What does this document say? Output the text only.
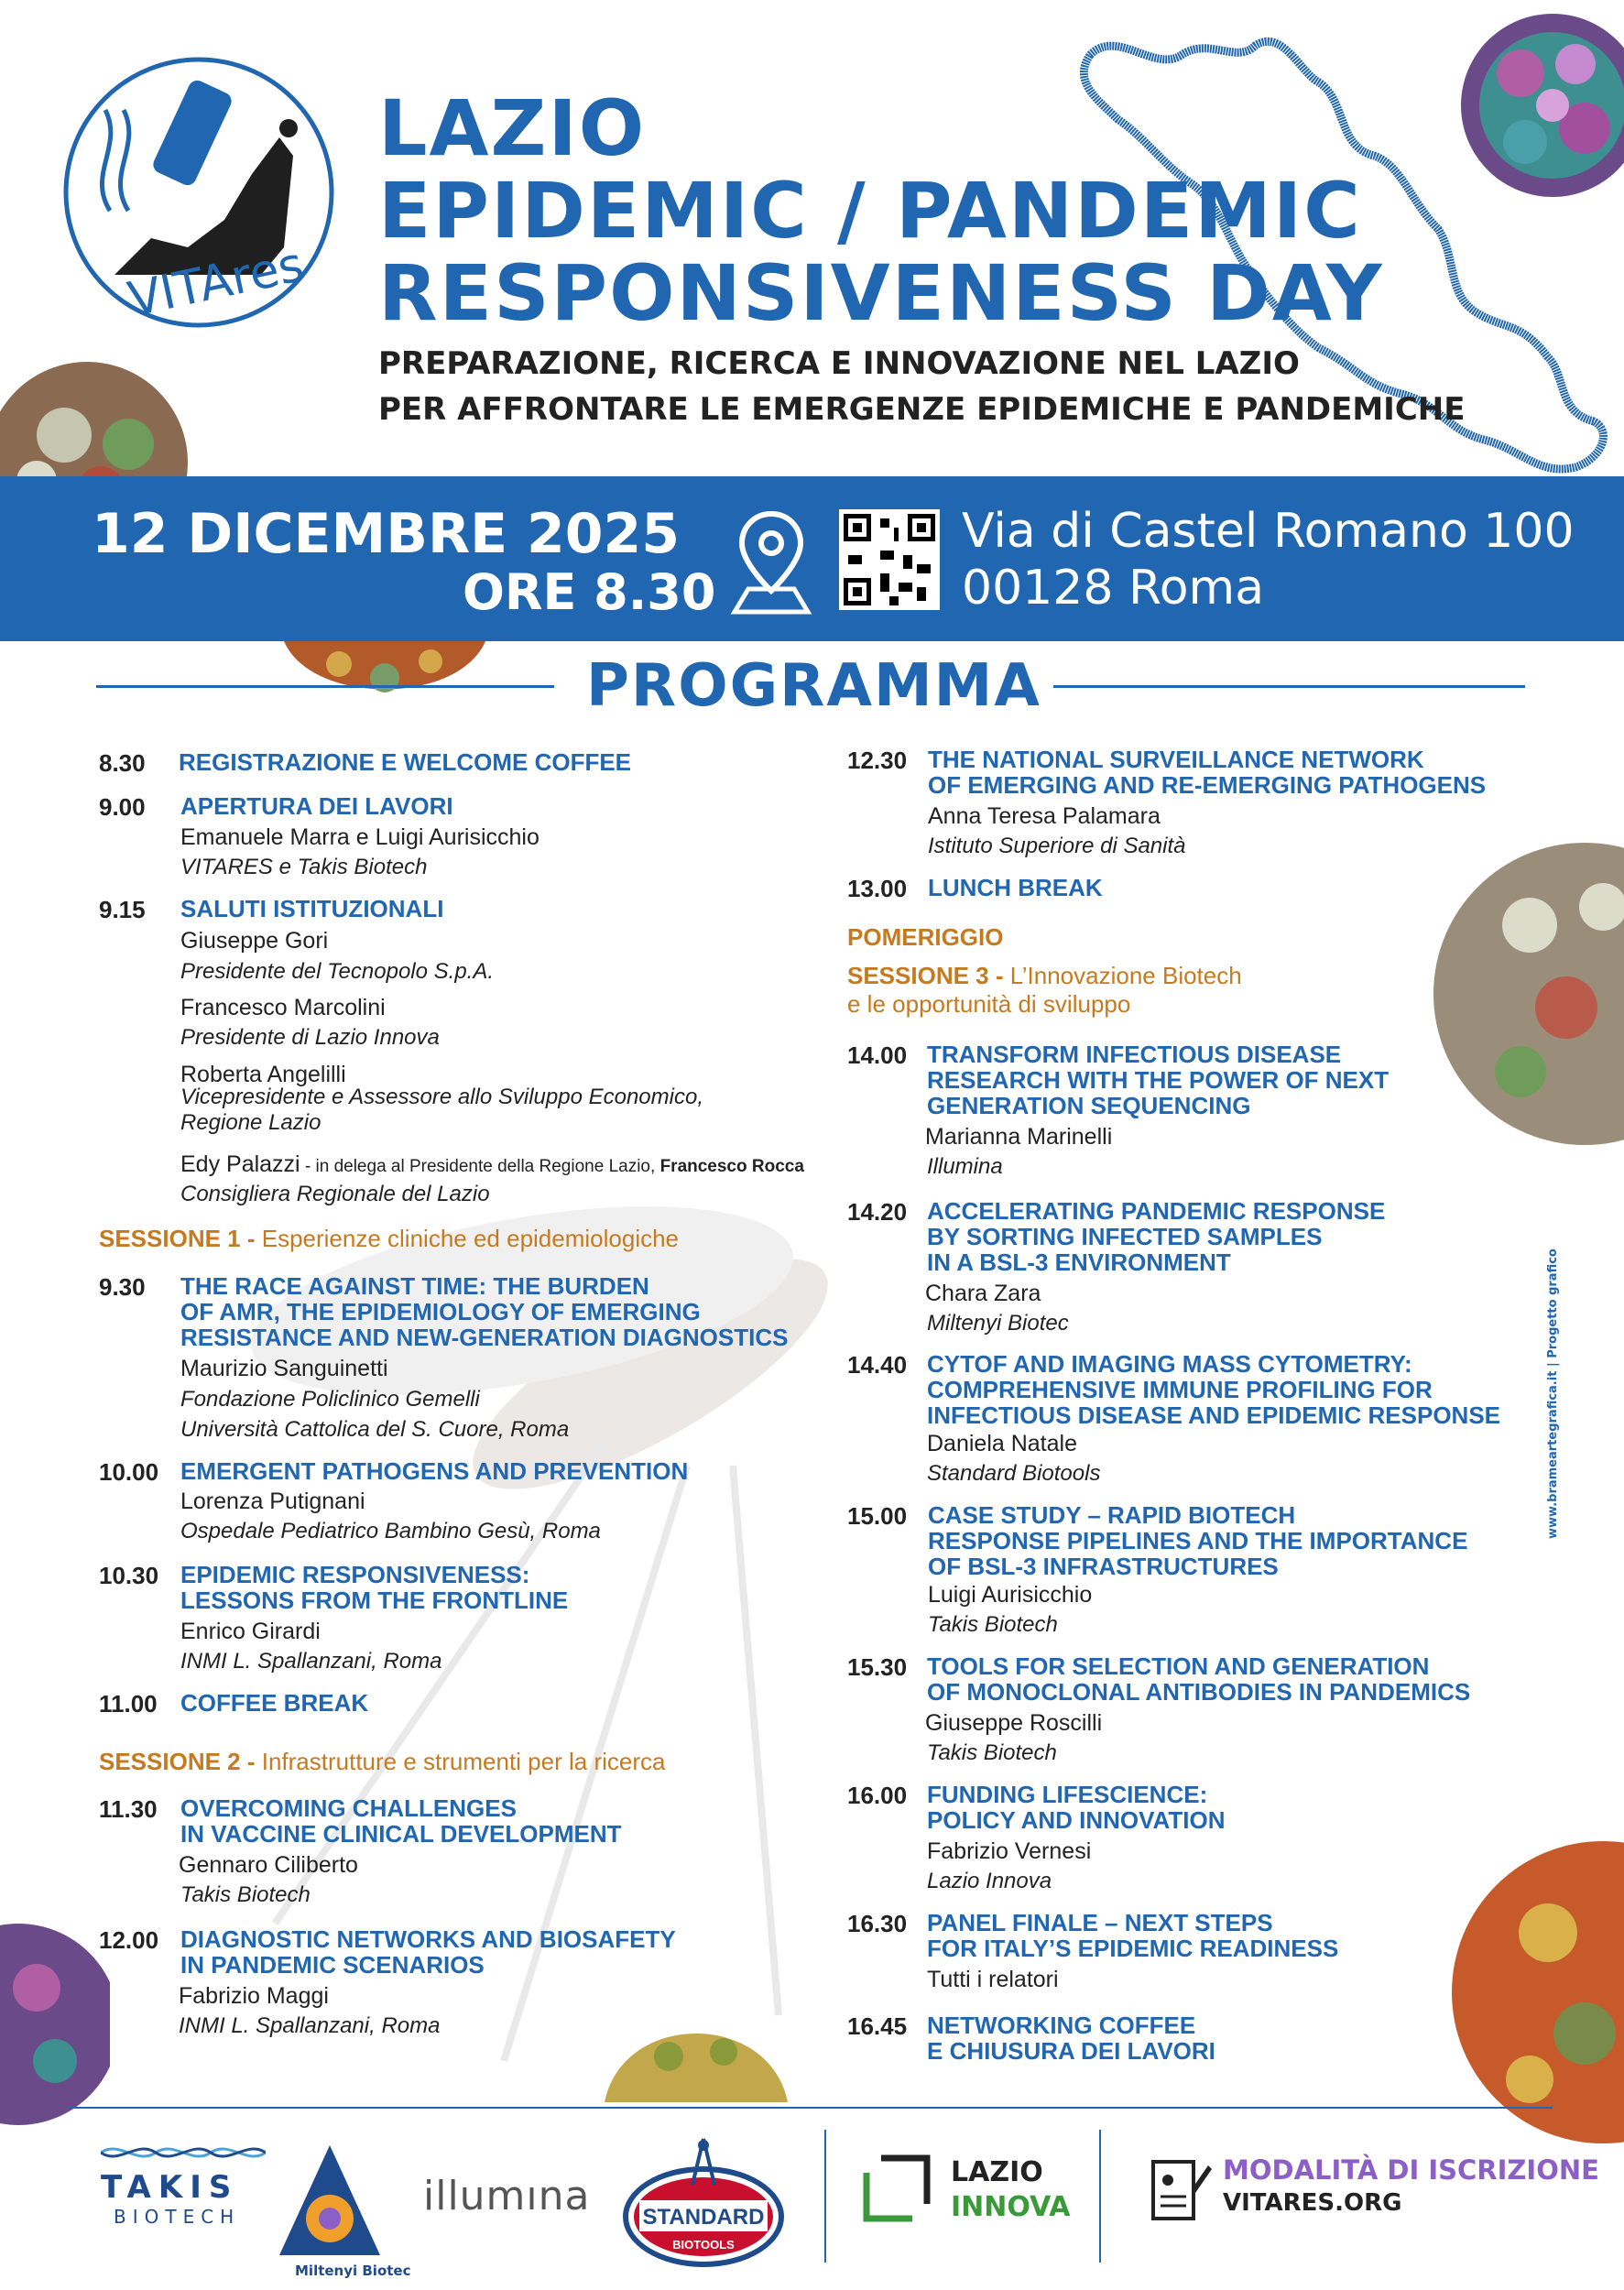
VITAres
LAZIO
EPIDEMIC / PANDEMIC
RESPONSIVENESS DAY
PREPARAZIONE, RICERCA E INNOVAZIONE NEL LAZIO
PER AFFRONTARE LE EMERGENZE EPIDEMICHE E PANDEMICHE
12 DICEMBRE 2025
ORE 8.30
Via di Castel Romano 100
00128 Roma
PROGRAMMA
8.30 REGISTRAZIONE E WELCOME COFFEE
9.00 APERTURA DEI LAVORI
Emanuele Marra e Luigi Aurisicchio
VITARES e Takis Biotech
9.15 SALUTI ISTITUZIONALI
Giuseppe Gori
Presidente del Tecnopolo S.p.A.
Francesco Marcolini
Presidente di Lazio Innova
Roberta Angelilli
Vicepresidente e Assessore allo Sviluppo Economico,
Regione Lazio
Edy Palazzi - in delega al Presidente della Regione Lazio, Francesco Rocca
Consigliera Regionale del Lazio
SESSIONE 1 - Esperienze cliniche ed epidemiologiche
9.30 THE RACE AGAINST TIME: THE BURDEN
OF AMR, THE EPIDEMIOLOGY OF EMERGING
RESISTANCE AND NEW-GENERATION DIAGNOSTICS
Maurizio Sanguinetti
Fondazione Policlinico Gemelli
Università Cattolica del S. Cuore, Roma
10.00 EMERGENT PATHOGENS AND PREVENTION
Lorenza Putignani
Ospedale Pediatrico Bambino Gesù, Roma
10.30 EPIDEMIC RESPONSIVENESS:
LESSONS FROM THE FRONTLINE
Enrico Girardi
INMI L. Spallanzani, Roma
11.00 COFFEE BREAK
SESSIONE 2 - Infrastrutture e strumenti per la ricerca
11.30 OVERCOMING CHALLENGES
IN VACCINE CLINICAL DEVELOPMENT
Gennaro Ciliberto
Takis Biotech
12.00 DIAGNOSTIC NETWORKS AND BIOSAFETY
IN PANDEMIC SCENARIOS
Fabrizio Maggi
INMI L. Spallanzani, Roma
12.30 THE NATIONAL SURVEILLANCE NETWORK
OF EMERGING AND RE-EMERGING PATHOGENS
Anna Teresa Palamara
Istituto Superiore di Sanità
13.00 LUNCH BREAK
POMERIGGIO
SESSIONE 3 - L’Innovazione Biotech
e le opportunità di sviluppo
14.00 TRANSFORM INFECTIOUS DISEASE
RESEARCH WITH THE POWER OF NEXT
GENERATION SEQUENCING
Marianna Marinelli
Illumina
14.20 ACCELERATING PANDEMIC RESPONSE
BY SORTING INFECTED SAMPLES
IN A BSL-3 ENVIRONMENT
Chara Zara
Miltenyi Biotec
14.40 CYTOF AND IMAGING MASS CYTOMETRY:
COMPREHENSIVE IMMUNE PROFILING FOR
INFECTIOUS DISEASE AND EPIDEMIC RESPONSE
Daniela Natale
Standard Biotools
15.00 CASE STUDY – RAPID BIOTECH
RESPONSE PIPELINES AND THE IMPORTANCE
OF BSL-3 INFRASTRUCTURES
Luigi Aurisicchio
Takis Biotech
15.30 TOOLS FOR SELECTION AND GENERATION
OF MONOCLONAL ANTIBODIES IN PANDEMICS
Giuseppe Roscilli
Takis Biotech
16.00 FUNDING LIFESCIENCE:
POLICY AND INNOVATION
Fabrizio Vernesi
Lazio Innova
16.30 PANEL FINALE – NEXT STEPS
FOR ITALY’S EPIDEMIC READINESS
Tutti i relatori
16.45 NETWORKING COFFEE
E CHIUSURA DEI LAVORI
www.brameartegrafica.it | Progetto grafico
TAKIS
BIOTECH
Miltenyi Biotec
illumına STANDARD
BIOTOOLS
LAZIO
INNOVA
MODALITÀ DI ISCRIZIONE
VITARES.ORG
